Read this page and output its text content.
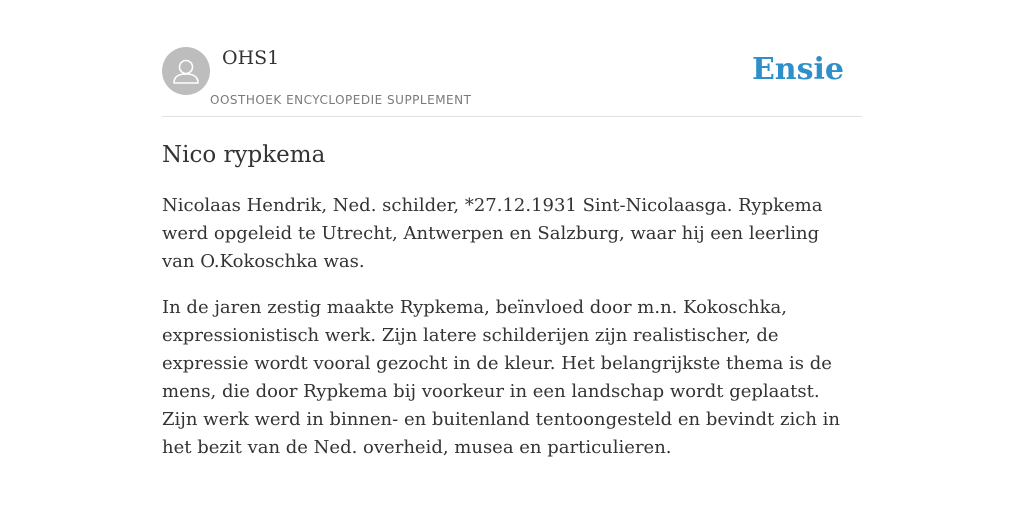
OHS1
OOSTHOEK ENCYCLOPEDIE SUPPLEMENT
Ensie
Nico rypkema

Nicolaas Hendrik, Ned. schilder, *27.12.1931 Sint-Nicolaasga. Rypkema werd opgeleid te Utrecht, Antwerpen en Salzburg, waar hij een leerling van O.Kokoschka was.

In de jaren zestig maakte Rypkema, beïnvloed door m.n. Kokoschka, expressionistisch werk. Zijn latere schilderijen zijn realistischer, de expressie wordt vooral gezocht in de kleur. Het belangrijkste thema is de mens, die door Rypkema bij voorkeur in een landschap wordt geplaatst. Zijn werk werd in binnen- en buitenland tentoongesteld en bevindt zich in het bezit van de Ned. overheid, musea en particulieren.
